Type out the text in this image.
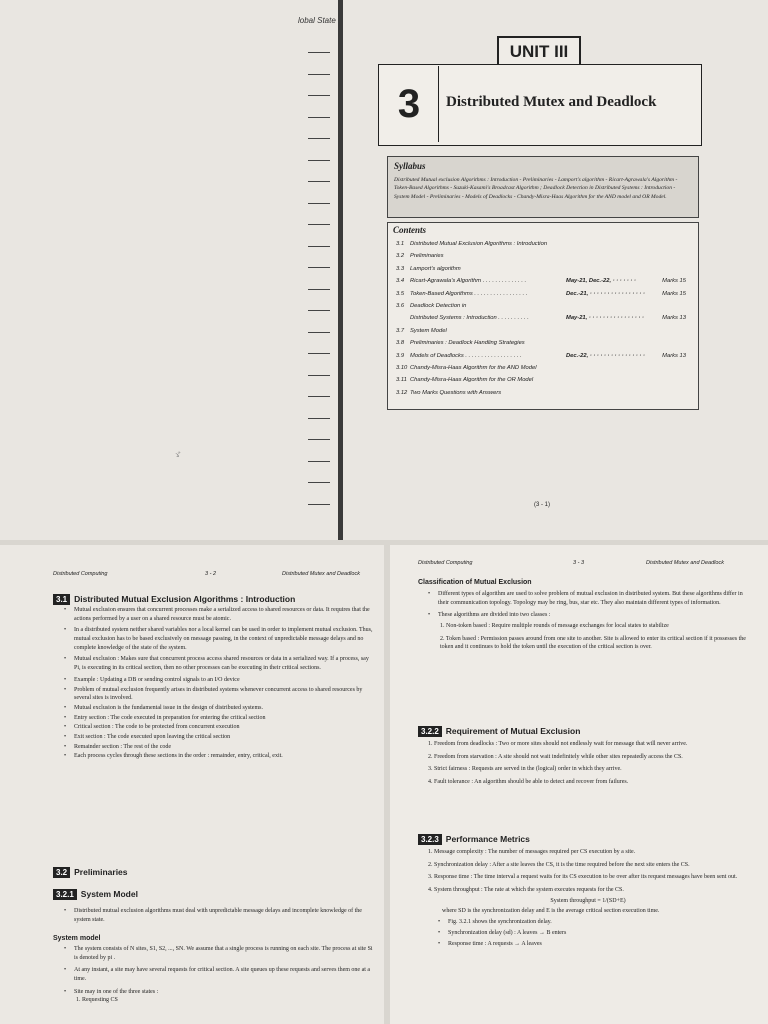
lobal State
UNIT III
3	Distributed Mutex and Deadlock
Syllabus
Distributed Mutual exclusion Algorithms : Introduction - Preliminaries - Lamport's algorithm - Ricart-Agrawala's Algorithm - Token-Based Algorithms - Suzuki-Kasami's Broadcast Algorithm ; Deadlock Detection in Distributed Systems : Introduction - System Model - Preliminaries - Models of Deadlocks - Chandy-Misra-Haas Algorithm for the AND model and OR Model.
Contents
3.1 Distributed Mutual Exclusion Algorithms : Introduction
3.2 Preliminaries
3.3 Lamport's algorithm
3.4 Ricart-Agrawala's Algorithm . . . . . . . . . . . . . .	May-21, Dec.-22, · · · · · · ·	Marks 15
3.5 Token-Based Algorithms . . . . . . . . . . . . . . . . .	Dec.-21, · · · · · · · · · · · · · · · ·	Marks 15
3.6 Deadlock Detection in
Distributed Systems : Introduction . . . . . . . . . .	May-21, · · · · · · · · · · · · · · · ·	Marks 13
3.7 System Model
3.8 Preliminaries : Deadlock Handling Strategies
3.9 Models of Deadlocks . . . . . . . . . . . . . . . . . .	Dec.-22, · · · · · · · · · · · · · · · ·	Marks 13
3.10 Chandy-Misra-Haas Algorithm for the AND Model
3.11 Chandy-Misra-Haas Algorithm for the OR Model
3.12 Two Marks Questions with Answers
(3 - 1)
ゞ
Distributed Computing	3 - 2	Distributed Mutex and Deadlock
3.1 Distributed Mutual Exclusion Algorithms : Introduction
• Mutual exclusion ensures that concurrent processes make a serialized access to shared resources or data. It requires that the actions performed by a user on a shared resource must be atomic.
• In a distributed system neither shared variables nor a local kernel can be used in order to implement mutual exclusion. Thus, mutual exclusion has to be based exclusively on message passing, in the context of unpredictable message delays and no complete knowledge of the state of the system.
• Mutual exclusion : Makes sure that concurrent process access shared resources or data in a serialized way. If a process, say Pi, is executing in its critical section, then no other processes can be executing in their critical sections.
• Example : Updating a DB or sending control signals to an I/O device
• Problem of mutual exclusion frequently arises in distributed systems whenever concurrent access to shared resources by several sites is involved.
• Mutual exclusion is the fundamental issue in the design of distributed systems.
• Entry section : The code executed in preparation for entering the critical section
• Critical section : The code to be protected from concurrent execution
• Exit section : The code executed upon leaving the critical section
• Remainder section : The rest of the code
• Each process cycles through these sections in the order : remainder, entry, critical, exit.
3.2 Preliminaries
3.2.1 System Model
• Distributed mutual exclusion algorithms must deal with unpredictable message delays and incomplete knowledge of the system state.
System model
• The system consists of N sites, S1, S2, ..., SN. We assume that a single process is running on each site. The process at site Si is denoted by pi .
• At any instant, a site may have several requests for critical section. A site queues up these requests and serves them one at a time.
• Site may in one of the three states :
1. Requesting CS
Distributed Computing	3 - 3	Distributed Mutex and Deadlock
Classification of Mutual Exclusion
• Different types of algorithm are used to solve problem of mutual exclusion in distributed system. But these algorithms differ in their communication topology. Topology may be ring, bus, star etc. They also maintain different types of information.
• These algorithms are divided into two classes :
1. Non-token based : Require multiple rounds of message exchanges for local states to stabilize
2. Token based : Permission passes around from one site to another. Site is allowed to enter its critical section if it possesses the token and it continues to hold the token until the execution of the critical section is over.
3.2.2 Requirement of Mutual Exclusion
1. Freedom from deadlocks : Two or more sites should not endlessly wait for message that will never arrive.
2. Freedom from starvation : A site should not wait indefinitely while other sites repeatedly access the CS.
3. Strict fairness : Requests are served in the (logical) order in which they arrive.
4. Fault tolerance : An algorithm should be able to detect and recover from failures.
3.2.3 Performance Metrics
1. Message complexity : The number of messages required per CS execution by a site.
2. Synchronization delay : After a site leaves the CS, it is the time required before the next site enters the CS.
3. Response time : The time interval a request waits for its CS execution to be over after its request messages have been sent out.
4. System throughput : The rate at which the system executes requests for the CS.
System throughput = 1/(SD+E)
where SD is the synchronization delay and E is the average critical section execution time.
• Fig. 3.2.1 shows the synchronization delay.
• Synchronization delay (sd) : A leaves → B enters
• Response time : A requests → A leaves
